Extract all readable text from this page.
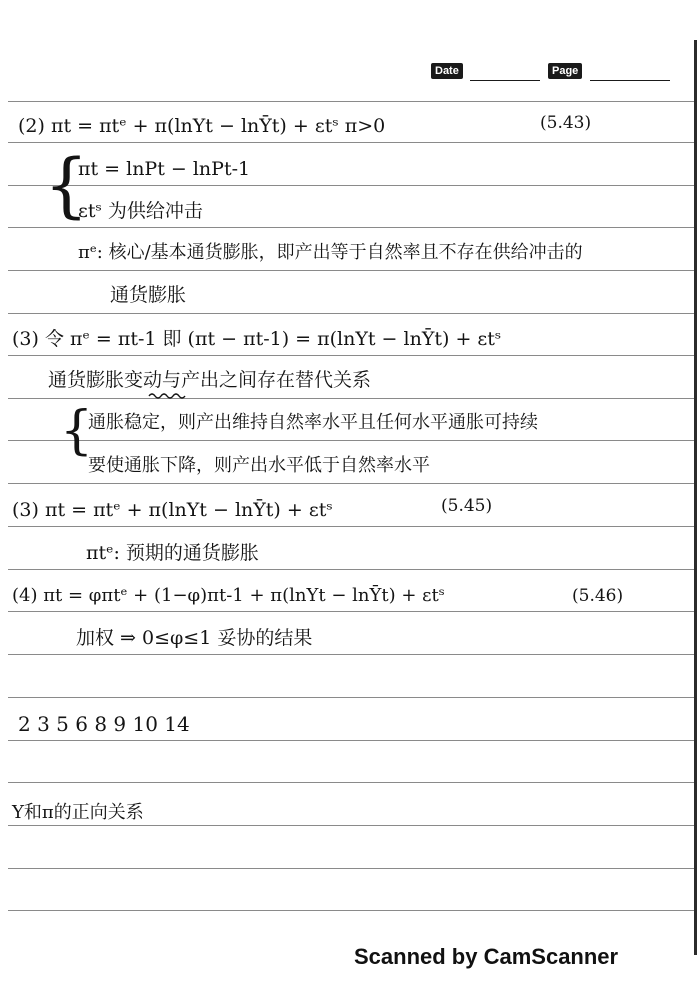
Date	Page
(2) πt = πtᵉ + π(lnYt − lnȲt) + εtˢ π>0	(5.43)
{
πt = lnPt − lnPt-1
εtˢ 为供给冲击
πᵉ: 核心/基本通货膨胀，即产出等于自然率且不存在供给冲击的
通货膨胀
(3) 令 πᵉ = πt-1 即 (πt − πt-1) = π(lnYt − lnȲt) + εtˢ
通货膨胀变动与产出之间存在替代关系
{
通胀稳定，则产出维持自然率水平且任何水平通胀可持续
要使通胀下降，则产出水平低于自然率水平
(3) πt = πtᵉ + π(lnYt − lnȲt) + εtˢ	(5.45)
πtᵉ: 预期的通货膨胀
(4) πt = φπtᵉ + (1−φ)πt-1 + π(lnYt − lnȲt) + εtˢ	(5.46)
加权 ⇒ 0≤φ≤1 妥协的结果
2 3 5 6 8 9 10 14
Y和π的正向关系
Scanned by CamScanner
